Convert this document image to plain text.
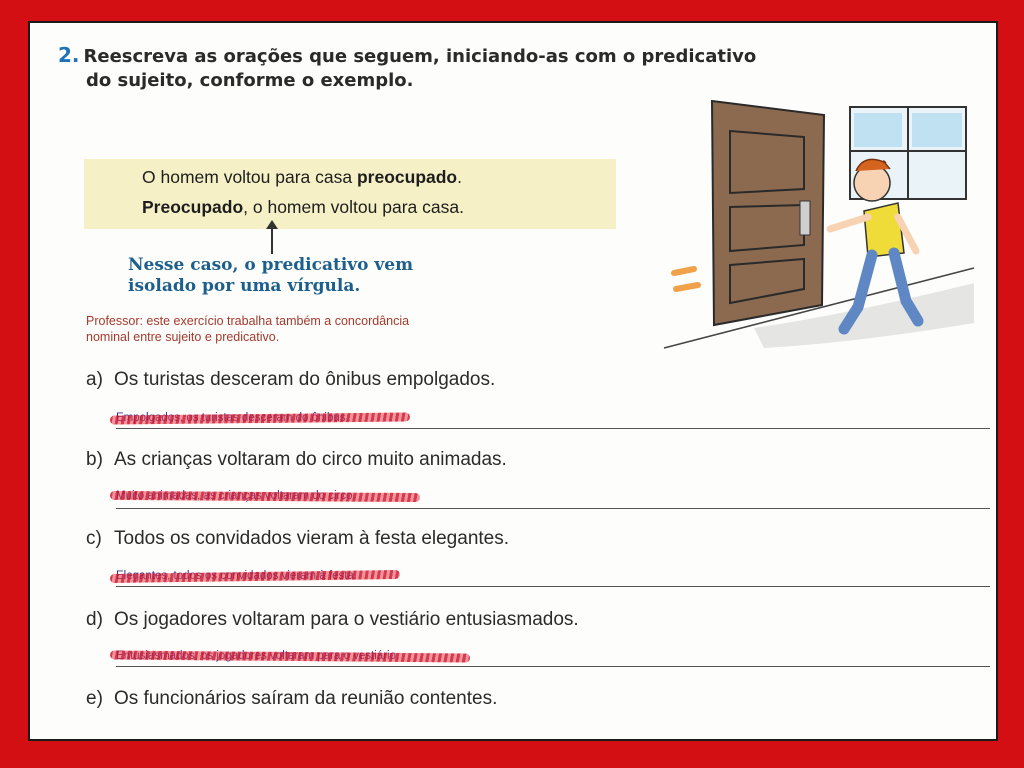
2. Reescreva as orações que seguem, iniciando-as com o predicativo
do sujeito, conforme o exemplo.
O homem voltou para casa preocupado.
Preocupado, o homem voltou para casa.
Nesse caso, o predicativo vem
isolado por uma vírgula.
Professor: este exercício trabalha também a concordância
nominal entre sujeito e predicativo.
a) Os turistas desceram do ônibus empolgados.
b) As crianças voltaram do circo muito animadas.
c) Todos os convidados vieram à festa elegantes.
d) Os jogadores voltaram para o vestiário entusiasmados.
e) Os funcionários saíram da reunião contentes.
